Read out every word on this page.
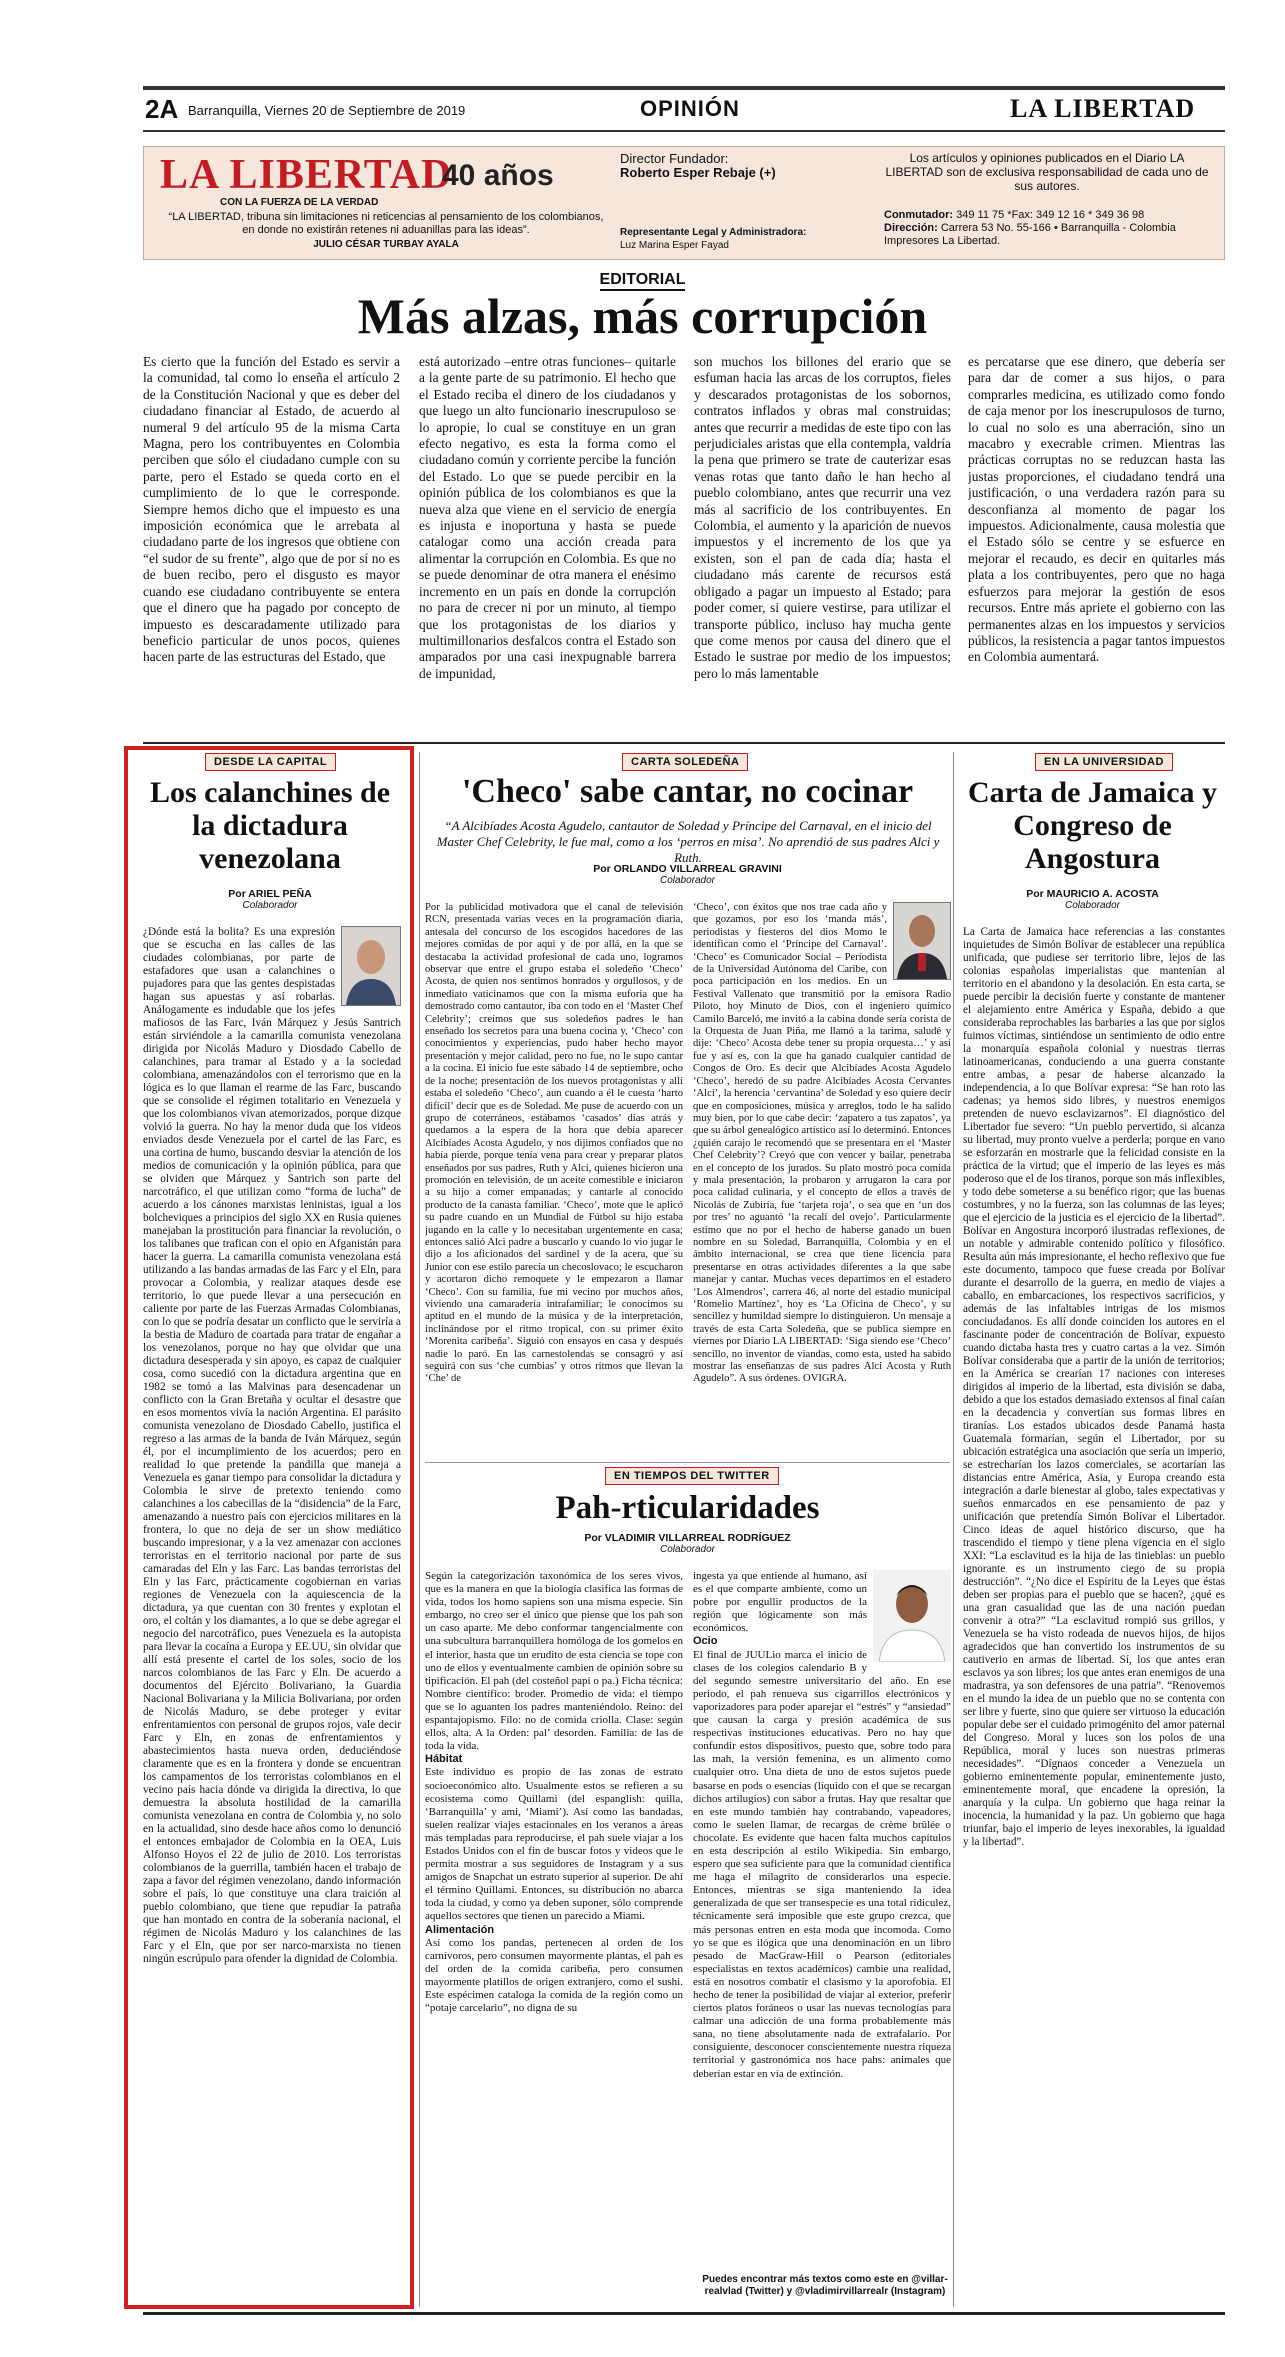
2A Barranquilla, Viernes 20 de Septiembre de 2019	OPINIÓN	LA LIBERTAD
LA LIBERTAD
40 años
CON LA FUERZA DE LA VERDAD
“LA LIBERTAD, tribuna sin limitaciones ni reticencias al pensamiento de los colombianos, en donde no existirán retenes ni aduanillas para las ideas”.
JULIO CÉSAR TURBAY AYALA
Director Fundador:
Roberto Esper Rebaje (+)
Representante Legal y Administradora:
Luz Marina Esper Fayad
Los artículos y opiniones publicados en el Diario LA LIBERTAD son de exclusiva responsabilidad de cada uno de sus autores.
Conmutador: 349 11 75 *Fax: 349 12 16 * 349 36 98
Dirección: Carrera 53 No. 55-166 • Barranquilla - Colombia
Impresores La Libertad.
EDITORIAL
Más alzas, más corrupción

Es cierto que la función del Estado es servir a la comunidad, tal como lo enseña el artículo 2 de la Constitución Nacional y que es deber del ciudadano financiar al Estado, de acuerdo al numeral 9 del artículo 95 de la misma Carta Magna, pero los contribuyentes en Colombia perciben que sólo el ciudadano cumple con su parte, pero el Estado se queda corto en el cumplimiento de lo que le corresponde. Siempre hemos dicho que el impuesto es una imposición económica que le arrebata al ciudadano parte de los ingresos que obtiene con “el sudor de su frente”, algo que de por sí no es de buen recibo, pero el disgusto es mayor cuando ese ciudadano contribuyente se entera que el dinero que ha pagado por concepto de impuesto es descaradamente utilizado para beneficio particular de unos pocos, quienes hacen parte de las estructuras del Estado, que

está autorizado –entre otras funciones– quitarle a la gente parte de su patrimonio. El hecho que el Estado reciba el dinero de los ciudadanos y que luego un alto funcionario inescrupuloso se lo apropie, lo cual se constituye en un gran efecto negativo, es esta la forma como el ciudadano común y corriente percibe la función del Estado. Lo que se puede percibir en la opinión pública de los colombianos es que la nueva alza que viene en el servicio de energía es injusta e inoportuna y hasta se puede catalogar como una acción creada para alimentar la corrupción en Colombia. Es que no se puede denominar de otra manera el enésimo incremento en un país en donde la corrupción no para de crecer ni por un minuto, al tiempo que los protagonistas de los diarios y multimillonarios desfalcos contra el Estado son amparados por una casi inexpugnable barrera de impunidad,

son muchos los billones del erario que se esfuman hacia las arcas de los corruptos, fieles y descarados protagonistas de los sobornos, contratos inflados y obras mal construidas; antes que recurrir a medidas de este tipo con las perjudiciales aristas que ella contempla, valdría la pena que primero se trate de cauterizar esas venas rotas que tanto daño le han hecho al pueblo colombiano, antes que recurrir una vez más al sacrificio de los contribuyentes. En Colombia, el aumento y la aparición de nuevos impuestos y el incremento de los que ya existen, son el pan de cada día; hasta el ciudadano más carente de recursos está obligado a pagar un impuesto al Estado; para poder comer, si quiere vestirse, para utilizar el transporte público, incluso hay mucha gente que come menos por causa del dinero que el Estado le sustrae por medio de los impuestos; pero lo más lamentable

es percatarse que ese dinero, que debería ser para dar de comer a sus hijos, o para comprarles medicina, es utilizado como fondo de caja menor por los inescrupulosos de turno, lo cual no solo es una aberración, sino un macabro y execrable crimen. Mientras las prácticas corruptas no se reduzcan hasta las justas proporciones, el ciudadano tendrá una justificación, o una verdadera razón para su desconfianza al momento de pagar los impuestos. Adicionalmente, causa molestia que el Estado sólo se centre y se esfuerce en mejorar el recaudo, es decir en quitarles más plata a los contribuyentes, pero que no haga esfuerzos para mejorar la gestión de esos recursos. Entre más apriete el gobierno con las permanentes alzas en los impuestos y servicios públicos, la resistencia a pagar tantos impuestos en Colombia aumentará.

DESDE LA CAPITAL
Los calanchines de la dictadura venezolana
Por ARIEL PEÑA
Colaborador

¿Dónde está la bolita? Es una expresión que se escucha en las calles de las ciudades colombianas, por parte de estafadores que usan a calanchines o pujadores para que las gentes despistadas hagan sus apuestas y así robarlas. Análogamente es indudable que los jefes mafiosos de las Farc, Iván Márquez y Jesús Santrich están sirviéndole a la camarilla comunista venezolana dirigida por Nicolás Maduro y Diosdado Cabello de calanchines, para tramar al Estado y a la sociedad colombiana, amenazándolos con el terrorismo que en la lógica es lo que llaman el rearme de las Farc, buscando que se consolide el régimen totalitario en Venezuela y que los colombianos vivan atemorizados, porque dizque volvió la guerra. No hay la menor duda que los videos enviados desde Venezuela por el cartel de las Farc, es una cortina de humo, buscando desviar la atención de los medios de comunicación y la opinión pública, para que se olviden que Márquez y Santrich son parte del narcotráfico, el que utilizan como “forma de lucha” de acuerdo a los cánones marxistas leninistas, igual a los bolcheviques a principios del siglo XX en Rusia quienes manejaban la prostitución para financiar la revolución, o los talibanes que trafican con el opio en Afganistán para hacer la guerra. La camarilla comunista venezolana está utilizando a las bandas armadas de las Farc y el Eln, para provocar a Colombia, y realizar ataques desde ese territorio, lo que puede llevar a una persecución en caliente por parte de las Fuerzas Armadas Colombianas, con lo que se podría desatar un conflicto que le serviría a la bestia de Maduro de coartada para tratar de engañar a los venezolanos, porque no hay que olvidar que una dictadura desesperada y sin apoyo, es capaz de cualquier cosa, como sucedió con la dictadura argentina que en 1982 se tomó a las Malvinas para desencadenar un conflicto con la Gran Bretaña y ocultar el desastre que en esos momentos vivía la nación Argentina. El parásito comunista venezolano de Diosdado Cabello, justifica el regreso a las armas de la banda de Iván Márquez, según él, por el incumplimiento de los acuerdos; pero en realidad lo que pretende la pandilla que maneja a Venezuela es ganar tiempo para consolidar la dictadura y Colombia le sirve de pretexto teniendo como calanchines a los cabecillas de la “disidencia” de la Farc, amenazando a nuestro país con ejercicios militares en la frontera, lo que no deja de ser un show mediático buscando impresionar, y a la vez amenazar con acciones terroristas en el territorio nacional por parte de sus camaradas del Eln y las Farc. Las bandas terroristas del Eln y las Farc, prácticamente cogobiernan en varias regiones de Venezuela con la aquiescencia de la dictadura, ya que cuentan con 30 frentes y explotan el oro, el coltán y los diamantes, a lo que se debe agregar el negocio del narcotráfico, pues Venezuela es la autopista para llevar la cocaína a Europa y EE.UU, sin olvidar que allí está presente el cartel de los soles, socio de los narcos colombianos de las Farc y Eln. De acuerdo a documentos del Ejército Bolivariano, la Guardia Nacional Bolivariana y la Milicia Bolivariana, por orden de Nicolás Maduro, se debe proteger y evitar enfrentamientos con personal de grupos rojos, vale decir Farc y Eln, en zonas de enfrentamientos y abastecimientos hasta nueva orden, deduciéndose claramente que es en la frontera y donde se encuentran los campamentos de los terroristas colombianos en el vecino país hacia dónde va dirigida la directiva, lo que demuestra la absoluta hostilidad de la camarilla comunista venezolana en contra de Colombia y, no solo en la actualidad, sino desde hace años como lo denunció el entonces embajador de Colombia en la OEA, Luis Alfonso Hoyos el 22 de julio de 2010. Los terroristas colombianos de la guerrilla, también hacen el trabajo de zapa a favor del régimen venezolano, dando información sobre el país, lo que constituye una clara traición al pueblo colombiano, que tiene que repudiar la patraña que han montado en contra de la soberanía nacional, el régimen de Nicolás Maduro y los calanchines de las Farc y el Eln, que por ser narco-marxista no tienen ningún escrúpulo para ofender la dignidad de Colombia.

CARTA SOLEDEÑA
'Checo' sabe cantar, no cocinar
“A Alcibíades Acosta Agudelo, cantautor de Soledad y Príncipe del Carnaval, en el inicio del Master Chef Celebrity, le fue mal, como a los ‘perros en misa’. No aprendió de sus padres Alci y Ruth.
Por ORLANDO VILLARREAL GRAVINI
Colaborador

Por la publicidad motivadora que el canal de televisión RCN, presentada varias veces en la programación diaria, antesala del concurso de los escogidos hacedores de las mejores comidas de por aquí y de por allá, en la que se destacaba la actividad profesional de cada uno, logramos observar que entre el grupo estaba el soledeño ‘Checo’ Acosta, de quien nos sentimos honrados y orgullosos, y de inmediato vaticinamos que con la misma euforia que ha demostrado como cantautor, iba con todo en el ‘Master Chef Celebrity’; creímos que sus soledeños padres le han enseñado los secretos para una buena cocina y, ‘Checo’ con conocimientos y experiencias, pudo haber hecho mayor presentación y mejor calidad, pero no fue, no le supo cantar a la cocina. El inicio fue este sábado 14 de septiembre, ocho de la noche; presentación de los nuevos protagonistas y allí estaba el soledeño ‘Checo’, aun cuando a él le cuesta ‘harto difícil’ decir que es de Soledad. Me puse de acuerdo con un grupo de coterráneos, estábamos ‘casados’ días atrás y quedamos a la espera de la hora que debía aparecer Alcibíades Acosta Agudelo, y nos dijimos confiados que no había pierde, porque tenía vena para crear y preparar platos enseñados por sus padres, Ruth y Alci, quienes hicieron una promoción en televisión, de un aceite comestible e iniciaron a su hijo a comer empanadas; y cantarle al conocido producto de la canasta familiar. ‘Checo’, mote que le aplicó su padre cuando en un Mundial de Fútbol su hijo estaba jugando en la calle y lo necesitaban urgentemente en casa; entonces salió Alci padre a buscarlo y cuando lo vio jugar le dijo a los aficionados del sardinel y de la acera, que su Junior con ese estilo parecía un checoslovaco; le escucharon y acortaron dicho remoquete y le empezaron a llamar ‘Checo’. Con su familia, fue mi vecino por muchos años, viviendo una camaradería intrafamiliar; le conocimos su aptitud en el mundo de la música y de la interpretación, inclinándose por el ritmo tropical, con su primer éxito ‘Morenita caribeña’. Siguió con ensayos en casa y después nadie lo paró. En las carnestolendas se consagró y así seguirá con sus ‘che cumbias’ y otros ritmos que llevan la ‘Che’ de

‘Checo’, con éxitos que nos trae cada año y que gozamos, por eso los ‘manda más’, periodistas y fiesteros del dios Momo le identifican como el ‘Príncipe del Carnaval’. ‘Checo’ es Comunicador Social – Periodista de la Universidad Autónoma del Caribe, con poca participación en los medios. En un Festival Vallenato que transmitió por la emisora Radio Piloto, hoy Minuto de Dios, con el ingeniero químico Camilo Barceló, me invitó a la cabina donde sería corista de la Orquesta de Juan Piña, me llamó a la tarima, saludé y dije: ‘Checo’ Acosta debe tener su propia orquesta…’ y así fue y así es, con la que ha ganado cualquier cantidad de Congos de Oro. Es decir que Alcibíades Acosta Agudelo ‘Checo’, heredó de su padre Alcibíades Acosta Cervantes ‘Alci’, la herencia ‘cervantina’ de Soledad y eso quiere decir que en composiciones, música y arreglos, todo le ha salido muy bien, por lo que cabe decir: ‘zapatero a tus zapatos’, ya que su árbol genealógico artístico así lo determinó. Entonces ¿quién carajo le recomendó que se presentara en el ‘Master Chef Celebrity’? Creyó que con vencer y bailar, penetraba en el concepto de los jurados. Su plato mostró poca comida y mala presentación, la probaron y arrugaron la cara por poca calidad culinaria, y el concepto de ellos a través de Nicolás de Zubiría, fue ‘tarjeta roja’, o sea que en ‘un dos por tres’ no aguantó ‘la recalí del ovejo’. Particularmente estimo que no por el hecho de haberse ganado un buen nombre en su Soledad, Barranquilla, Colombia y en el ámbito internacional, se crea que tiene licencia para presentarse en otras actividades diferentes a la que sabe manejar y cantar. Muchas veces departimos en el estadero ‘Los Almendros’, carrera 46, al norte del estadio municipal ‘Romelio Martínez’, hoy es ‘La Oficina de Checo’, y su sencillez y humildad siempre lo distinguieron. Un mensaje a través de esta Carta Soledeña, que se publica siempre en viernes por Diario LA LIBERTAD: ‘Siga siendo ese ‘Checo’ sencillo, no inventor de viandas, como esta, usted ha sabido mostrar las enseñanzas de sus padres Alci Acosta y Ruth Agudelo”. A sus órdenes. OVIGRA.

EN TIEMPOS DEL TWITTER
Pah-rticularidades
Por VLADIMIR VILLARREAL RODRÍGUEZ
Colaborador

Según la categorización taxonómica de los seres vivos, que es la manera en que la biología clasifica las formas de vida, todos los homo sapiens son una misma especie. Sin embargo, no creo ser el único que piense que los pah son un caso aparte. Me debo conformar tangencialmente con una subcultura barranquillera homóloga de los gomelos en el interior, hasta que un erudito de esta ciencia se tope con uno de ellos y eventualmente cambien de opinión sobre su tipificación. El pah (del costeñol papi o pa.) Ficha técnica: Nombre científico: broder. Promedio de vida: el tiempo que se lo aguanten los padres manteniéndolo. Reino: del espantajopismo. Filo: no de comida criolla. Clase: según ellos, alta. A la Orden: pal’ desorden. Familia: de las de toda la vida.

Hábitat

Este individuo es propio de las zonas de estrato socioeconómico alto. Usualmente estos se refieren a su ecosistema como Quillami (del espanglish: quilla, ‘Barranquilla’ y ami, ‘Miami’). Así como las bandadas, suelen realizar viajes estacionales en los veranos a áreas más templadas para reproducirse, el pah suele viajar a los Estados Unidos con el fin de buscar fotos y videos que le permita mostrar a sus seguidores de Instagram y a sus amigos de Snapchat un estrato superior al superior. De ahí el término Quillami. Entonces, su distribución no abarca toda la ciudad, y como ya deben suponer, sólo comprende aquellos sectores que tienen un parecido a Miami.

Alimentación

Así como los pandas, pertenecen al orden de los carnívoros, pero consumen mayormente plantas, el pah es del orden de la comida caribeña, pero consumen mayormente platillos de origen extranjero, como el sushi. Este espécimen cataloga la comida de la región como un “potaje carcelario”, no digna de su

ingesta ya que entiende al humano, así es el que comparte ambiente, como un pobre por engullir productos de la región que lógicamente son más económicos.

Ocio

El final de JUULio marca el inicio de clases de los colegios calendario B y del segundo semestre universitario del año. En ese periodo, el pah renueva sus cigarrillos electrónicos y vaporizadores para poder aparejar el “estrés” y “ansiedad” que causan la carga y presión académica de sus respectivas instituciones educativas. Pero no hay que confundir estos dispositivos, puesto que, sobre todo para las mah, la versión femenina, es un alimento como cualquier otro. Una dieta de uno de estos sujetos puede basarse en pods o esencias (líquido con el que se recargan dichos artilugios) con sabor a frutas. Hay que resaltar que en este mundo también hay contrabando, vapeadores, como le suelen llamar, de recargas de crème brûlée o chocolate. Es evidente que hacen falta muchos capítulos en esta descripción al estilo Wikipedia. Sin embargo, espero que sea suficiente para que la comunidad científica me haga el milagrito de considerarlos una especie. Entonces, mientras se siga manteniendo la idea generalizada de que ser transespecie es una total ridiculez, técnicamente será imposible que este grupo crezca, que más personas entren en esta moda que incomoda. Como yo se que es ilógica que una denominación en un libro pesado de MacGraw-Hill o Pearson (editoriales especialistas en textos académicos) cambie una realidad, está en nosotros combatir el clasismo y la aporofobia. El hecho de tener la posibilidad de viajar al exterior, preferir ciertos platos foráneos o usar las nuevas tecnologías para calmar una adicción de una forma probablemente más sana, no tiene absolutamente nada de extrafalario. Por consiguiente, desconocer conscientemente nuestra riqueza territorial y gastronómica nos hace pahs: animales que deberían estar en vía de extinción.

Puedes encontrar más textos como este en @villar-realvlad (Twitter) y @vladimirvillarrealr (Instagram)
EN LA UNIVERSIDAD
Carta de Jamaica y Congreso de Angostura
Por MAURICIO A. ACOSTA
Colaborador

La Carta de Jamaica hace referencias a las constantes inquietudes de Simón Bolívar de establecer una república unificada, que pudiese ser territorio libre, lejos de las colonias españolas imperialistas que mantenían al territorio en el abandono y la desolación. En esta carta, se puede percibir la decisión fuerte y constante de mantener el alejamiento entre América y España, debido a que consideraba reprochables las barbaries a las que por siglos fuimos víctimas, sintiéndose un sentimiento de odio entre la monarquía española colonial y nuestras tierras latinoamericanas, conduciendo a una guerra constante entre ambas, a pesar de haberse alcanzado la independencia, a lo que Bolívar expresa: “Se han roto las cadenas; ya hemos sido libres, y nuestros enemigos pretenden de nuevo esclavizarnos”. El diagnóstico del Libertador fue severo: “Un pueblo pervertido, si alcanza su libertad, muy pronto vuelve a perderla; porque en vano se esforzarán en mostrarle que la felicidad consiste en la práctica de la virtud; que el imperio de las leyes es más poderoso que el de los tiranos, porque son más inflexibles, y todo debe someterse a su benéfico rigor; que las buenas costumbres, y no la fuerza, son las columnas de las leyes; que el ejercicio de la justicia es el ejercicio de la libertad”. Bolívar en Angostura incorporó ilustradas reflexiones, de un notable y admirable contenido político y filosófico. Resulta aún más impresionante, el hecho reflexivo que fue este documento, tampoco que fuese creada por Bolívar durante el desarrollo de la guerra, en medio de viajes a caballo, en embarcaciones, los respectivos sacrificios, y además de las infaltables intrigas de los mismos conciudadanos. Es allí donde coinciden los autores en el fascinante poder de concentración de Bolívar, expuesto cuando dictaba hasta tres y cuatro cartas a la vez. Simón Bolívar consideraba que a partir de la unión de territorios; en la América se crearían 17 naciones con intereses dirigidos al imperio de la libertad, esta división se daba, debido a que los estados demasiado extensos al final caían en la decadencia y convertían sus formas libres en tiranías. Los estados ubicados desde Panamá hasta Guatemala formarían, según el Libertador, por su ubicación estratégica una asociación que sería un imperio, se estrecharían los lazos comerciales, se acortarían las distancias entre América, Asia, y Europa creando esta integración a darle bienestar al globo, tales expectativas y sueños enmarcados en ese pensamiento de paz y unificación que pretendía Simón Bolívar el Libertador. Cinco ideas de aquel histórico discurso, que ha trascendido el tiempo y tiene plena vigencia en el siglo XXI: “La esclavitud es la hija de las tinieblas: un pueblo ignorante es un instrumento ciego de su propia destrucción”. “¿No dice el Espíritu de la Leyes que éstas deben ser propias para el pueblo que se hacen?, ¿qué es una gran casualidad que las de una nación puedan convenir a otra?” “La esclavitud rompió sus grillos, y Venezuela se ha visto rodeada de nuevos hijos, de hijos agradecidos que han convertido los instrumentos de su cautiverio en armas de libertad. Sí, los que antes eran esclavos ya son libres; los que antes eran enemigos de una madrastra, ya son defensores de una patria”. “Renovemos en el mundo la idea de un pueblo que no se contenta con ser libre y fuerte, sino que quiere ser virtuoso la educación popular debe ser el cuidado primogénito del amor paternal del Congreso. Moral y luces son los polos de una República, moral y luces son nuestras primeras necesidades”. “Dígnaos conceder a Venezuela un gobierno eminentemente popular, eminentemente justo, eminentemente moral, que encadene la opresión, la anarquía y la culpa. Un gobierno que haga reinar la inocencia, la humanidad y la paz. Un gobierno que haga triunfar, bajo el imperio de leyes inexorables, la igualdad y la libertad”.
